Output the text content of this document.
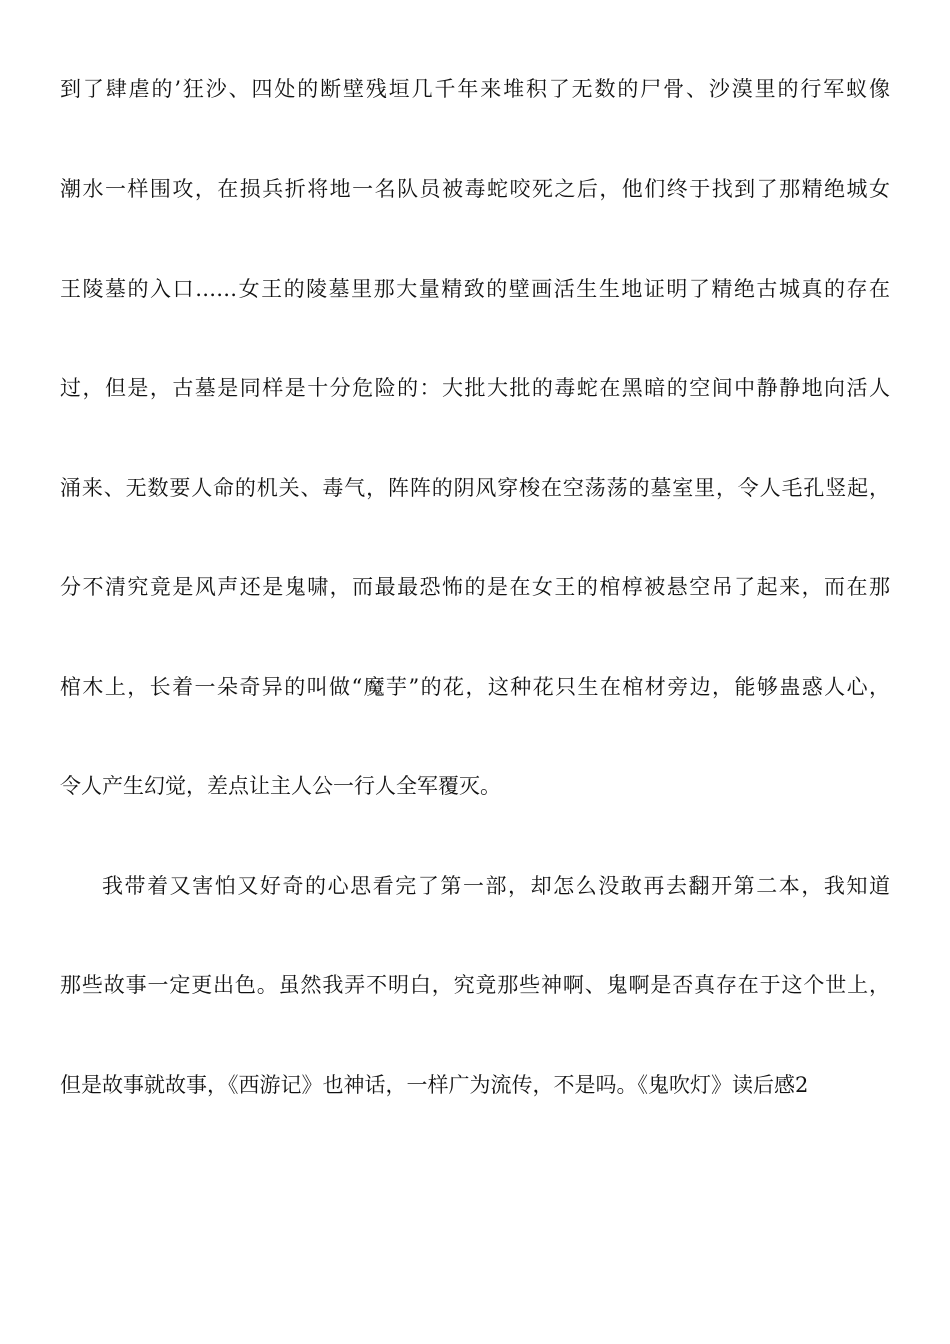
到了肆虐的’狂沙、四处的断壁残垣几千年来堆积了无数的尸骨、沙漠里的行军蚁像
潮水一样围攻，在损兵折将地一名队员被毒蛇咬死之后，他们终于找到了那精绝城女
王陵墓的入口……女王的陵墓里那大量精致的壁画活生生地证明了精绝古城真的存在
过，但是，古墓是同样是十分危险的：大批大批的毒蛇在黑暗的空间中静静地向活人
涌来、无数要人命的机关、毒气，阵阵的阴风穿梭在空荡荡的墓室里，令人毛孔竖起，
分不清究竟是风声还是鬼啸，而最最恐怖的是在女王的棺椁被悬空吊了起来，而在那
棺木上，长着一朵奇异的叫做“魔芋”的花，这种花只生在棺材旁边，能够蛊惑人心，
令人产生幻觉，差点让主人公一行人全军覆灭。
我带着又害怕又好奇的心思看完了第一部，却怎么没敢再去翻开第二本，我知道
那些故事一定更出色。虽然我弄不明白，究竟那些神啊、鬼啊是否真存在于这个世上，
但是故事就故事，《西游记》也神话，一样广为流传，不是吗。《鬼吹灯》读后感2
